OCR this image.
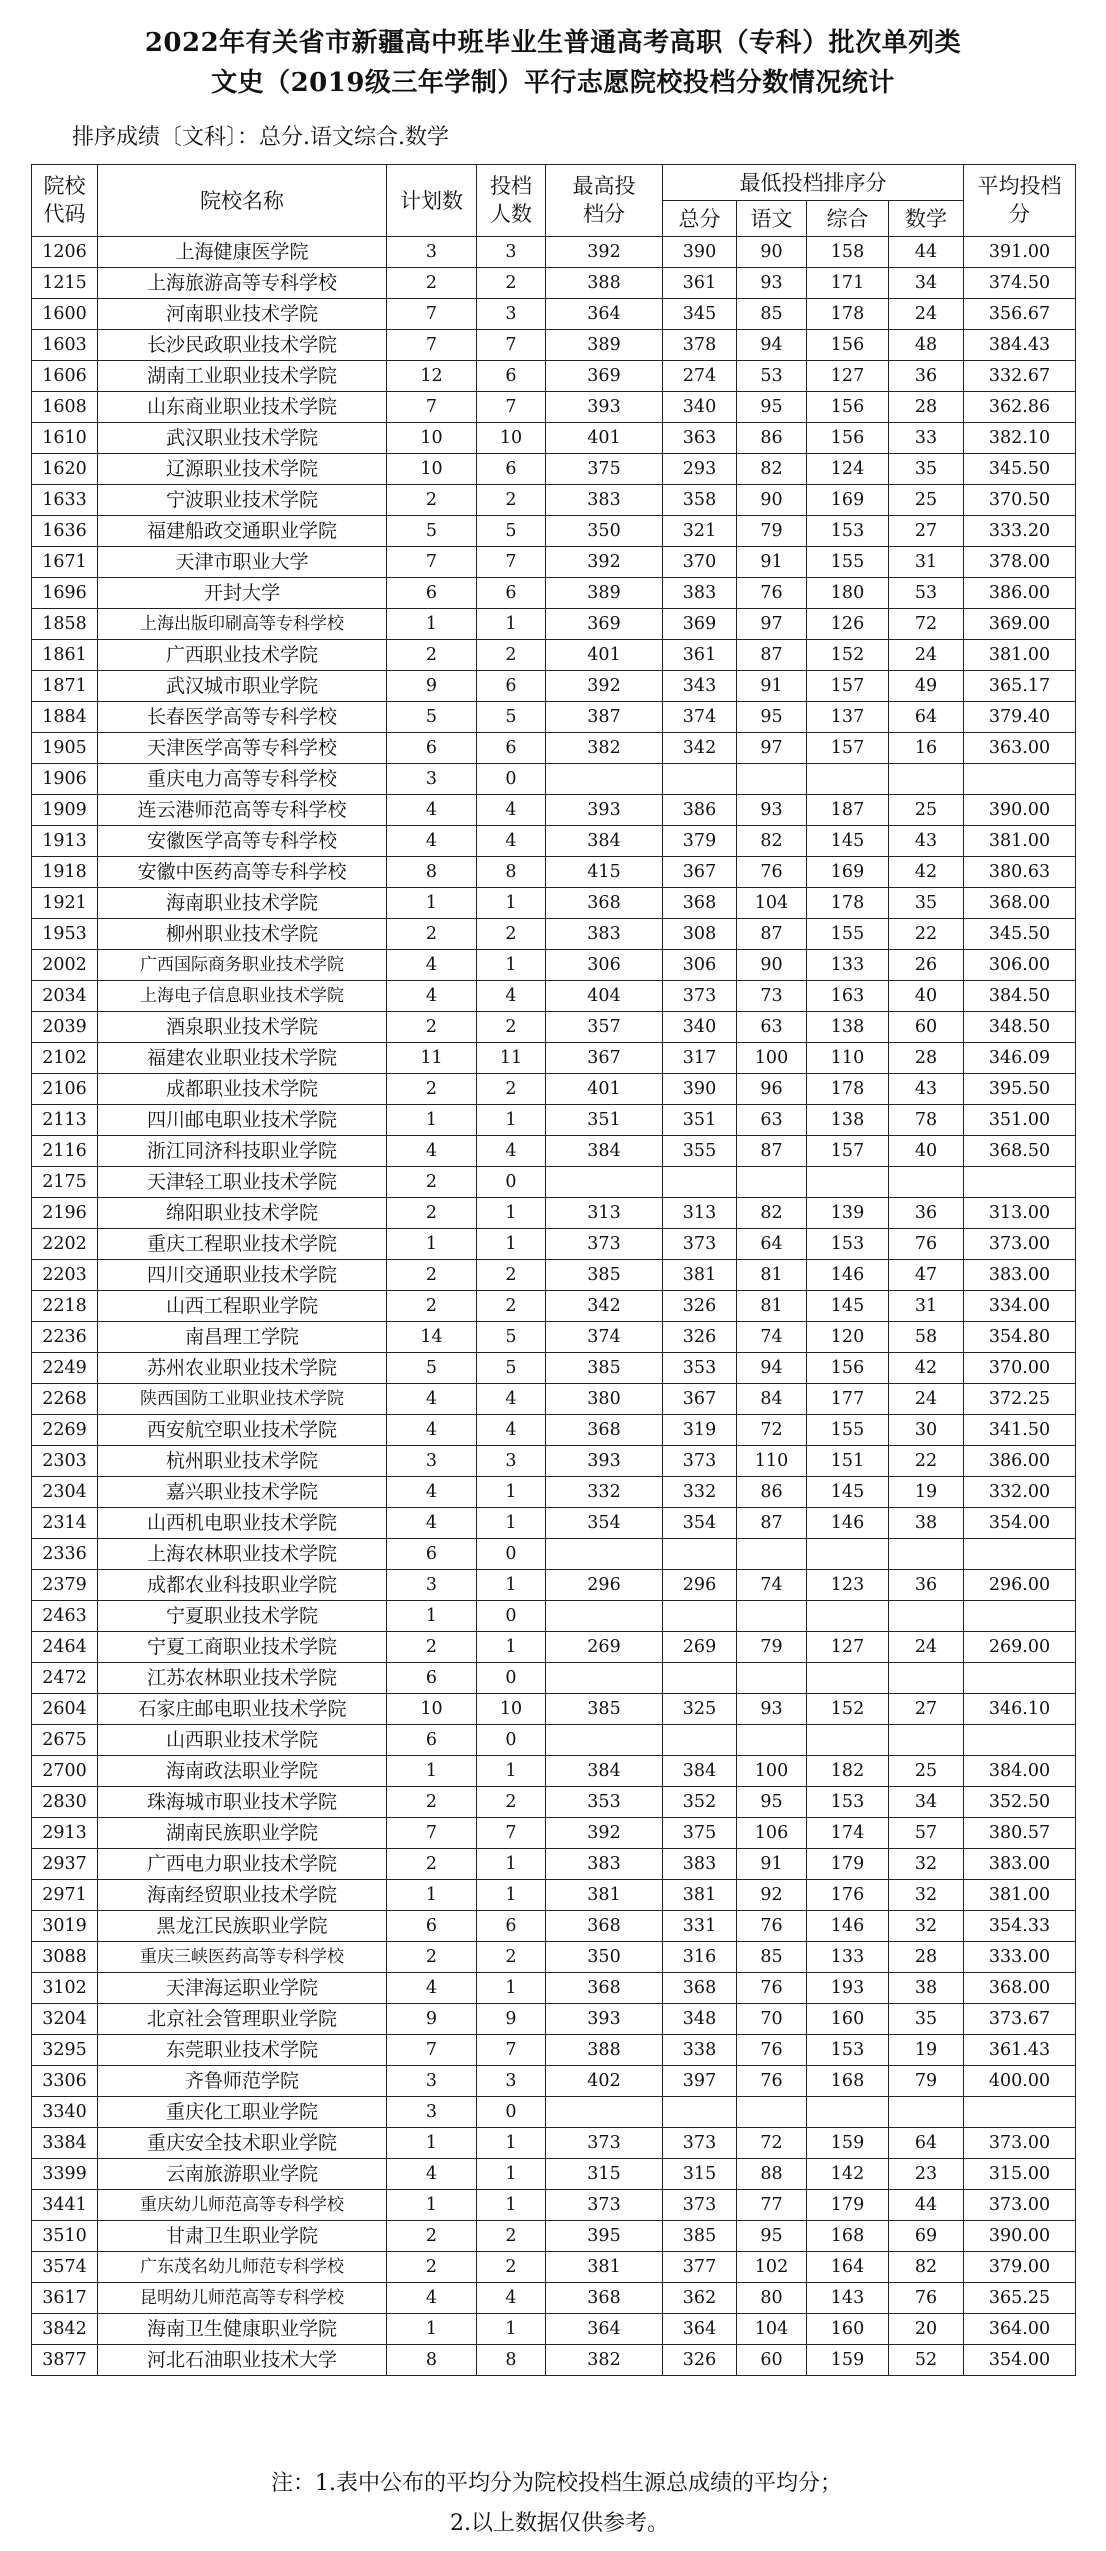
2022年有关省市新疆高中班毕业生普通高考高职（专科）批次单列类
文史（2019级三年学制）平行志愿院校投档分数情况统计
排序成绩〔文科〕：总分.语文综合.数学
院校代码	院校名称	计划数	投档人数	最高投档分	最低投档排序分				平均投档分
					总分	语文	综合	数学	
1206	上海健康医学院	3	3	392	390	90	158	44	391.00
1215	上海旅游高等专科学校	2	2	388	361	93	171	34	374.50
1600	河南职业技术学院	7	3	364	345	85	178	24	356.67
1603	长沙民政职业技术学院	7	7	389	378	94	156	48	384.43
1606	湖南工业职业技术学院	12	6	369	274	53	127	36	332.67
1608	山东商业职业技术学院	7	7	393	340	95	156	28	362.86
1610	武汉职业技术学院	10	10	401	363	86	156	33	382.10
1620	辽源职业技术学院	10	6	375	293	82	124	35	345.50
1633	宁波职业技术学院	2	2	383	358	90	169	25	370.50
1636	福建船政交通职业学院	5	5	350	321	79	153	27	333.20
1671	天津市职业大学	7	7	392	370	91	155	31	378.00
1696	开封大学	6	6	389	383	76	180	53	386.00
1858	上海出版印刷高等专科学校	1	1	369	369	97	126	72	369.00
1861	广西职业技术学院	2	2	401	361	87	152	24	381.00
1871	武汉城市职业学院	9	6	392	343	91	157	49	365.17
1884	长春医学高等专科学校	5	5	387	374	95	137	64	379.40
1905	天津医学高等专科学校	6	6	382	342	97	157	16	363.00
1906	重庆电力高等专科学校	3	0						
1909	连云港师范高等专科学校	4	4	393	386	93	187	25	390.00
1913	安徽医学高等专科学校	4	4	384	379	82	145	43	381.00
1918	安徽中医药高等专科学校	8	8	415	367	76	169	42	380.63
1921	海南职业技术学院	1	1	368	368	104	178	35	368.00
1953	柳州职业技术学院	2	2	383	308	87	155	22	345.50
2002	广西国际商务职业技术学院	4	1	306	306	90	133	26	306.00
2034	上海电子信息职业技术学院	4	4	404	373	73	163	40	384.50
2039	酒泉职业技术学院	2	2	357	340	63	138	60	348.50
2102	福建农业职业技术学院	11	11	367	317	100	110	28	346.09
2106	成都职业技术学院	2	2	401	390	96	178	43	395.50
2113	四川邮电职业技术学院	1	1	351	351	63	138	78	351.00
2116	浙江同济科技职业学院	4	4	384	355	87	157	40	368.50
2175	天津轻工职业技术学院	2	0						
2196	绵阳职业技术学院	2	1	313	313	82	139	36	313.00
2202	重庆工程职业技术学院	1	1	373	373	64	153	76	373.00
2203	四川交通职业技术学院	2	2	385	381	81	146	47	383.00
2218	山西工程职业学院	2	2	342	326	81	145	31	334.00
2236	南昌理工学院	14	5	374	326	74	120	58	354.80
2249	苏州农业职业技术学院	5	5	385	353	94	156	42	370.00
2268	陕西国防工业职业技术学院	4	4	380	367	84	177	24	372.25
2269	西安航空职业技术学院	4	4	368	319	72	155	30	341.50
2303	杭州职业技术学院	3	3	393	373	110	151	22	386.00
2304	嘉兴职业技术学院	4	1	332	332	86	145	19	332.00
2314	山西机电职业技术学院	4	1	354	354	87	146	38	354.00
2336	上海农林职业技术学院	6	0						
2379	成都农业科技职业学院	3	1	296	296	74	123	36	296.00
2463	宁夏职业技术学院	1	0						
2464	宁夏工商职业技术学院	2	1	269	269	79	127	24	269.00
2472	江苏农林职业技术学院	6	0						
2604	石家庄邮电职业技术学院	10	10	385	325	93	152	27	346.10
2675	山西职业技术学院	6	0						
2700	海南政法职业学院	1	1	384	384	100	182	25	384.00
2830	珠海城市职业技术学院	2	2	353	352	95	153	34	352.50
2913	湖南民族职业学院	7	7	392	375	106	174	57	380.57
2937	广西电力职业技术学院	2	1	383	383	91	179	32	383.00
2971	海南经贸职业技术学院	1	1	381	381	92	176	32	381.00
3019	黑龙江民族职业学院	6	6	368	331	76	146	32	354.33
3088	重庆三峡医药高等专科学校	2	2	350	316	85	133	28	333.00
3102	天津海运职业学院	4	1	368	368	76	193	38	368.00
3204	北京社会管理职业学院	9	9	393	348	70	160	35	373.67
3295	东莞职业技术学院	7	7	388	338	76	153	19	361.43
3306	齐鲁师范学院	3	3	402	397	76	168	79	400.00
3340	重庆化工职业学院	3	0						
3384	重庆安全技术职业学院	1	1	373	373	72	159	64	373.00
3399	云南旅游职业学院	4	1	315	315	88	142	23	315.00
3441	重庆幼儿师范高等专科学校	1	1	373	373	77	179	44	373.00
3510	甘肃卫生职业学院	2	2	395	385	95	168	69	390.00
3574	广东茂名幼儿师范专科学校	2	2	381	377	102	164	82	379.00
3617	昆明幼儿师范高等专科学校	4	4	368	362	80	143	76	365.25
3842	海南卫生健康职业学院	1	1	364	364	104	160	20	364.00
3877	河北石油职业技术大学	8	8	382	326	60	159	52	354.00
注：1.表中公布的平均分为院校投档生源总成绩的平均分；
2.以上数据仅供参考。
